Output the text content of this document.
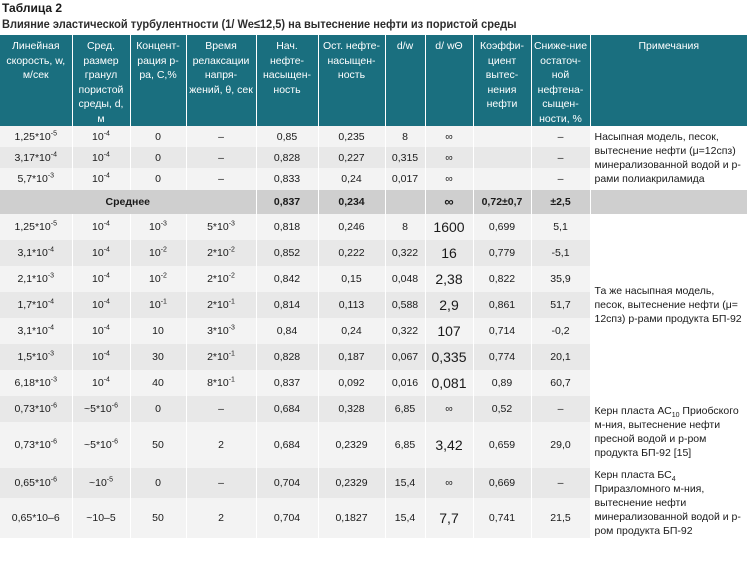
Таблица 2
Влияние эластической турбулентности (1/ We≤12,5) на вытеснение нефти из пористой среды
Линейная скорость, w, м/сек	Сред. размер гранул пористой среды, d, м	Концент-рация р-ра, С,%	Время релаксации напря-жений, θ, сек	Нач. нефте-насыщен-ность	Ост. нефте-насыщен-ность	d/w	d/ wΘ	Коэффи-циент вытес-нения нефти	Сниже-ние остаточ-ной нефтена-сыщен-ности, %	Примечания
$1,25*10^{-5}$	$10^{-4}$	0	–	0,85	0,235	8	∞		–	Насыпная модель, песок, вытеснение нефти (μ=12спз) минерализованной водой и р-рами полиакриламида
$3,17*10^{-4}$	$10^{-4}$	0	–	0,828	0,227	0,315	∞		–	
$5,7*10^{-3}$	$10^{-4}$	0	–	0,833	0,24	0,017	∞		–	
Среднее				0,837	0,234		∞	0,72±0,7	±2,5	
$1,25*10^{-5}$	$10^{-4}$	$10^{-3}$	$5*10^{-3}$	0,818	0,246	8	1600	0,699	5,1	Та же насыпная модель, песок, вытеснение нефти (μ= 12спз) р-рами продукта БП-92
$3,1*10^{-4}$	$10^{-4}$	$10^{-2}$	$2*10^{-2}$	0,852	0,222	0,322	16	0,779	-5,1	
$2,1*10^{-3}$	$10^{-4}$	$10^{-2}$	$2*10^{-2}$	0,842	0,15	0,048	2,38	0,822	35,9	
$1,7*10^{-4}$	$10^{-4}$	$10^{-1}$	$2*10^{-1}$	0,814	0,113	0,588	2,9	0,861	51,7	
$3,1*10^{-4}$	$10^{-4}$	10	$3*10^{-3}$	0,84	0,24	0,322	107	0,714	-0,2	
$1,5*10^{-3}$	$10^{-4}$	30	$2*10^{-1}$	0,828	0,187	0,067	0,335	0,774	20,1	
$6,18*10^{-3}$	$10^{-4}$	40	$8*10^{-1}$	0,837	0,092	0,016	0,081	0,89	60,7	
$0,73*10^{-6}$	$\sim 5*10^{-6}$	0	–	0,684	0,328	6,85	∞	0,52	–	Керн пласта $АС_{10}$ Приобского м-ния, вытеснение нефти пресной водой и р-ром продукта БП-92 [15]
$0,73*10^{-6}$	$\sim 5*10^{-6}$	50	2	0,684	0,2329	6,85	3,42	0,659	29,0	
$0,65*10^{-6}$	$\sim 10^{-5}$	0	–	0,704	0,2329	15,4	∞	0,669	–	Керн пласта $БС_4$ Приразломного м-ния, вытеснение нефти минерализованной водой и р-ром продукта БП-92
0,65*10–6	~10–5	50	2	0,704	0,1827	15,4	7,7	0,741	21,5	
